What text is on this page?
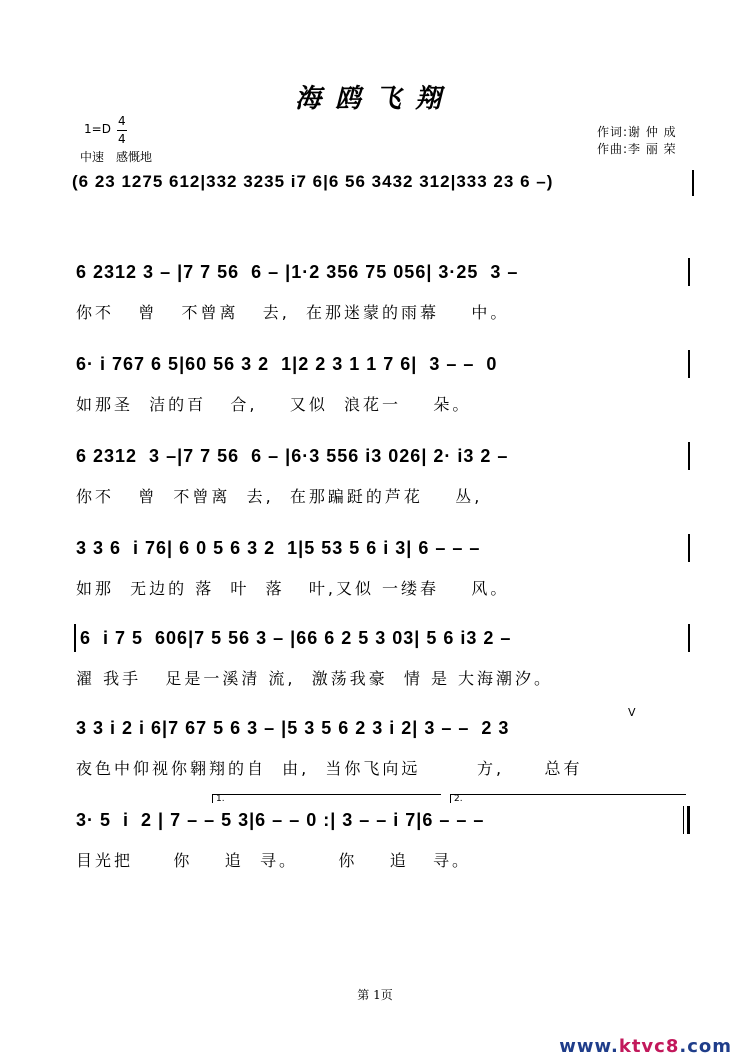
海鸥飞翔
1=D
4
4
中速　感慨地
作词:谢 仲 成
作曲:李 丽 荣
(6 23 1275 612|332 3235 i7 6|6 56 3432 312|333 23 6 –)
6 2312 3 – |7 7 56  6 – |1·2 356 75 056| 3·25  3 –
你不   曾   不曾离   去,  在那迷蒙的雨幕    中。
6· i 767 6 5|60 56 3 2  1|2 2 3 1 1 7 6|  3 – –  0
如那圣  洁的百   合,    又似  浪花一    朵。
6 2312  3 –|7 7 56  6 – |6·3 556 i3 026| 2· i3 2 –
你不   曾  不曾离  去,  在那蹁跹的芦花    丛,
3 3 6  i 76| 6 0 5 6 3 2  1|5 53 5 6 i 3| 6 – – –
如那  无边的 落  叶  落   叶,又似 一缕春    风。
6  i 7 5  606|7 5 56 3 – |66 6 2 5 3 03| 5 6 i3 2 –
濯 我手   足是一溪清 流,  激荡我豪  情 是 大海潮汐。
V
3 3 i 2 i 6|7 67 5 6 3 – |5 3 5 6 2 3 i 2| 3 – –  2 3
夜色中仰视你翱翔的自  由,  当你飞向远       方,     总有
1.	2.
3· 5  i  2 | 7 – – 5 3|6 – – 0 :| 3 – – i 7|6 – – –
目光把     你    追  寻。     你    追   寻。
第 1页
www.ktvc8.com
